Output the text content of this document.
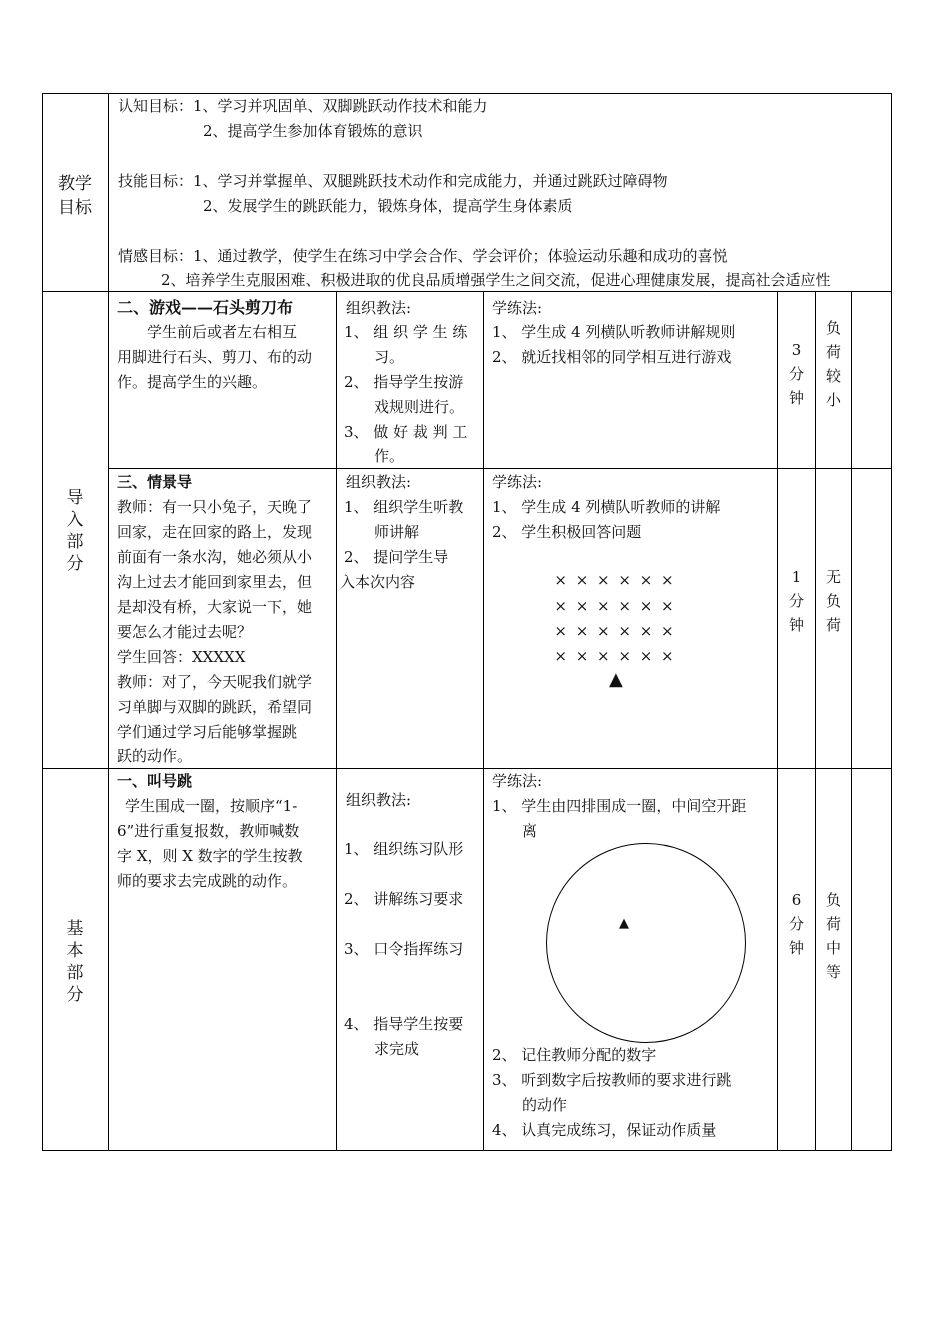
教学
目标
认知目标：1、学习并巩固单、双脚跳跃动作技术和能力
2、提高学生参加体育锻炼的意识
技能目标：1、学习并掌握单、双腿跳跃技术动作和完成能力，并通过跳跃过障碍物
2、发展学生的跳跃能力，锻炼身体，提高学生身体素质
情感目标：1、通过教学，使学生在练习中学会合作、学会评价；体验运动乐趣和成功的喜悦
2、培养学生克服困难、积极进取的优良品质增强学生之间交流，促进心理健康发展，提高社会适应性
导
入
部
分
二、游戏——石头剪刀布
学生前后或者左右相互
用脚进行石头、剪刀、布的动
作。提高学生的兴趣。
组织教法:
1、 组 织 学 生 练
习。
2、 指导学生按游
戏规则进行。
3、 做 好 裁 判 工
作。
学练法:
1、 学生成 4 列横队听教师讲解规则
2、 就近找相邻的同学相互进行游戏	3
分
钟
负
荷
较
小
三、情景导
教师：有一只小兔子，天晚了
回家，走在回家的路上，发现
前面有一条水沟，她必须从小
沟上过去才能回到家里去，但
是却没有桥，大家说一下，她
要怎么才能过去呢？
学生回答：XXXXX
教师：对了，今天呢我们就学
习单脚与双脚的跳跃，希望同
学们通过学习后能够掌握跳
跃的动作。
组织教法:
1、 组织学生听教
师讲解
2、 提问学生导
入本次内容
学练法:
1、 学生成 4 列横队听教师的讲解
2、 学生积极回答问题
× × × × × ×
× × × × × ×
× × × × × ×
× × × × × ×
▲
1
分
钟
无
负
荷
基
本
部
分
一、叫号跳
学生围成一圈，按顺序“1-
6”进行重复报数，教师喊数
字 X，则 X 数字的学生按教
师的要求去完成跳的动作。
组织教法:
1、 组织练习队形
2、 讲解练习要求
3、 口令指挥练习
4、 指导学生按要
求完成
学练法:
1、 学生由四排围成一圈，中间空开距
离
▲
2、 记住教师分配的数字
3、 听到数字后按教师的要求进行跳
的动作
4、 认真完成练习，保证动作质量
6
分
钟
负
荷
中
等
